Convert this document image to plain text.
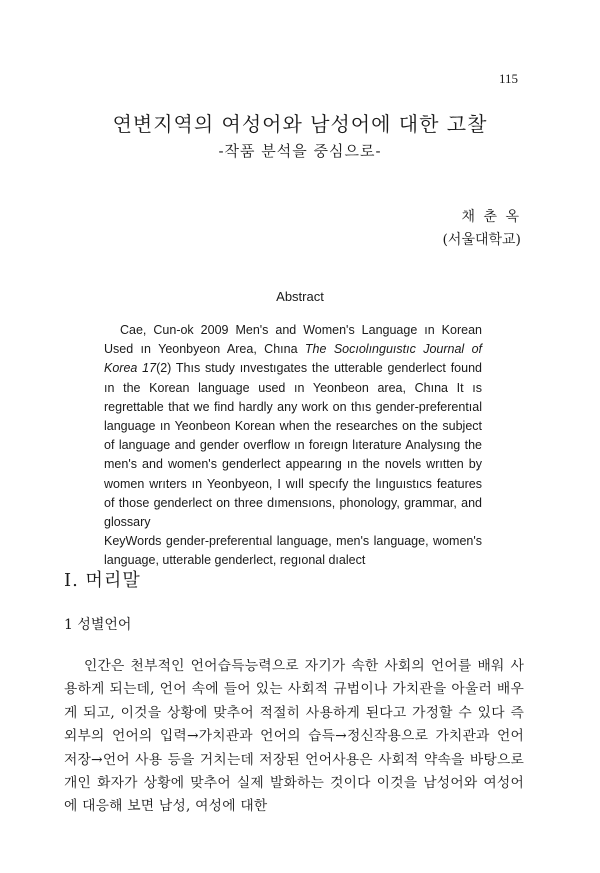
115
연변지역의 여성어와 남성어에 대한 고찰
-작품 분석을 중심으로-
채 춘 옥
(서울대학교)
Abstract

Cae, Cun-ok 2009 Men's and Women's Language ın Korean Used ın Yeonbyeon Area, Chına The Socıolınguıstıc Journal of Korea 17(2) Thıs study ınvestıgates the utterable genderlect found ın the Korean language used ın Yeonbeon area, Chına It ıs regrettable that we find hardly any work on thıs gender-preferentıal language ın Yeonbeon Korean when the researches on the subject of language and gender overflow ın foreıgn lıterature Analysıng the men's and women's genderlect appearıng ın the novels wrıtten by women wrıters ın Yeonbyeon, I wıll specıfy the lınguıstıcs features of those genderlect on three dımensıons, phonology, grammar, and glossary

KeyWords gender-preferentıal language, men's language, women's language, utterable genderlect, regıonal dıalect

Ⅰ. 머리말
1 성별언어

인간은 천부적인 언어습득능력으로 자기가 속한 사회의 언어를 배워 사용하게 되는데, 언어 속에 들어 있는 사회적 규범이나 가치관을 아울러 배우게 되고, 이것을 상황에 맞추어 적절히 사용하게 된다고 가정할 수 있다 즉 외부의 언어의 입력→가치관과 언어의 습득→정신작용으로 가치관과 언어 저장→언어 사용 등을 거치는데 저장된 언어사용은 사회적 약속을 바탕으로 개인 화자가 상황에 맞추어 실제 발화하는 것이다 이것을 남성어와 여성어에 대응해 보면 남성, 여성에 대한
